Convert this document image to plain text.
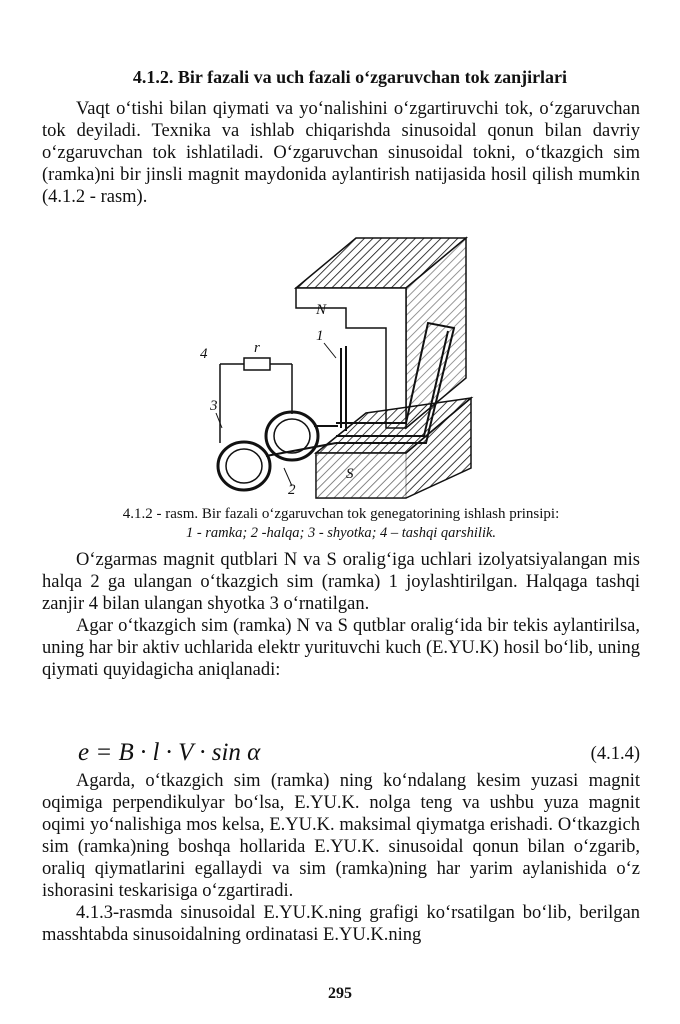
4.1.2. Bir fazali va uch fazali o‘zgaruvchan tok zanjirlari

Vaqt o‘tishi bilan qiymati va yo‘nalishini o‘zgartiruvchi tok, o‘zgaruvchan tok deyiladi. Texnika va ishlab chiqarishda sinusoidal qonun bilan davriy o‘zgaruvchan tok ishlatiladi. O‘zgaruvchan sinusoidal tokni, o‘tkazgich sim (ramka)ni bir jinsli magnit maydonida aylantirish natijasida hosil qilish mumkin (4.1.2 - rasm).

N
S
r
1
2
3
4
4.1.2 - rasm. Bir fazali o‘zgaruvchan tok genegatorining ishlash prinsipi:
1 - ramka; 2 -halqa; 3 - shyotka; 4 – tashqi qarshilik.

O‘zgarmas magnit qutblari N va S oralig‘iga uchlari izolyatsiyalangan mis halqa 2 ga ulangan o‘tkazgich sim (ramka) 1 joylashtirilgan. Halqaga tashqi zanjir 4 bilan ulangan shyotka 3 o‘rnatilgan.

Agar o‘tkazgich sim (ramka) N va S qutblar oralig‘ida bir tekis aylantirilsa, uning har bir aktiv uchlarida elektr yurituvchi kuch (E.YU.K) hosil bo‘lib, uning qiymati quyidagicha aniqlanadi:

e = B · l · V · sin α	(4.1.4)

Agarda, o‘tkazgich sim (ramka) ning ko‘ndalang kesim yuzasi magnit oqimiga perpendikulyar bo‘lsa, E.YU.K. nolga teng va ushbu yuza magnit oqimi yo‘nalishiga mos kelsa, E.YU.K. maksimal qiymatga erishadi. O‘tkazgich sim (ramka)ning boshqa hollarida E.YU.K. sinusoidal qonun bilan o‘zgarib, oraliq qiymatlarini egallaydi va sim (ramka)ning har yarim aylanishida o‘z ishorasini teskarisiga o‘zgartiradi.

4.1.3-rasmda sinusoidal E.YU.K.ning grafigi ko‘rsatilgan bo‘lib, berilgan masshtabda sinusoidalning ordinatasi E.YU.K.ning

295
